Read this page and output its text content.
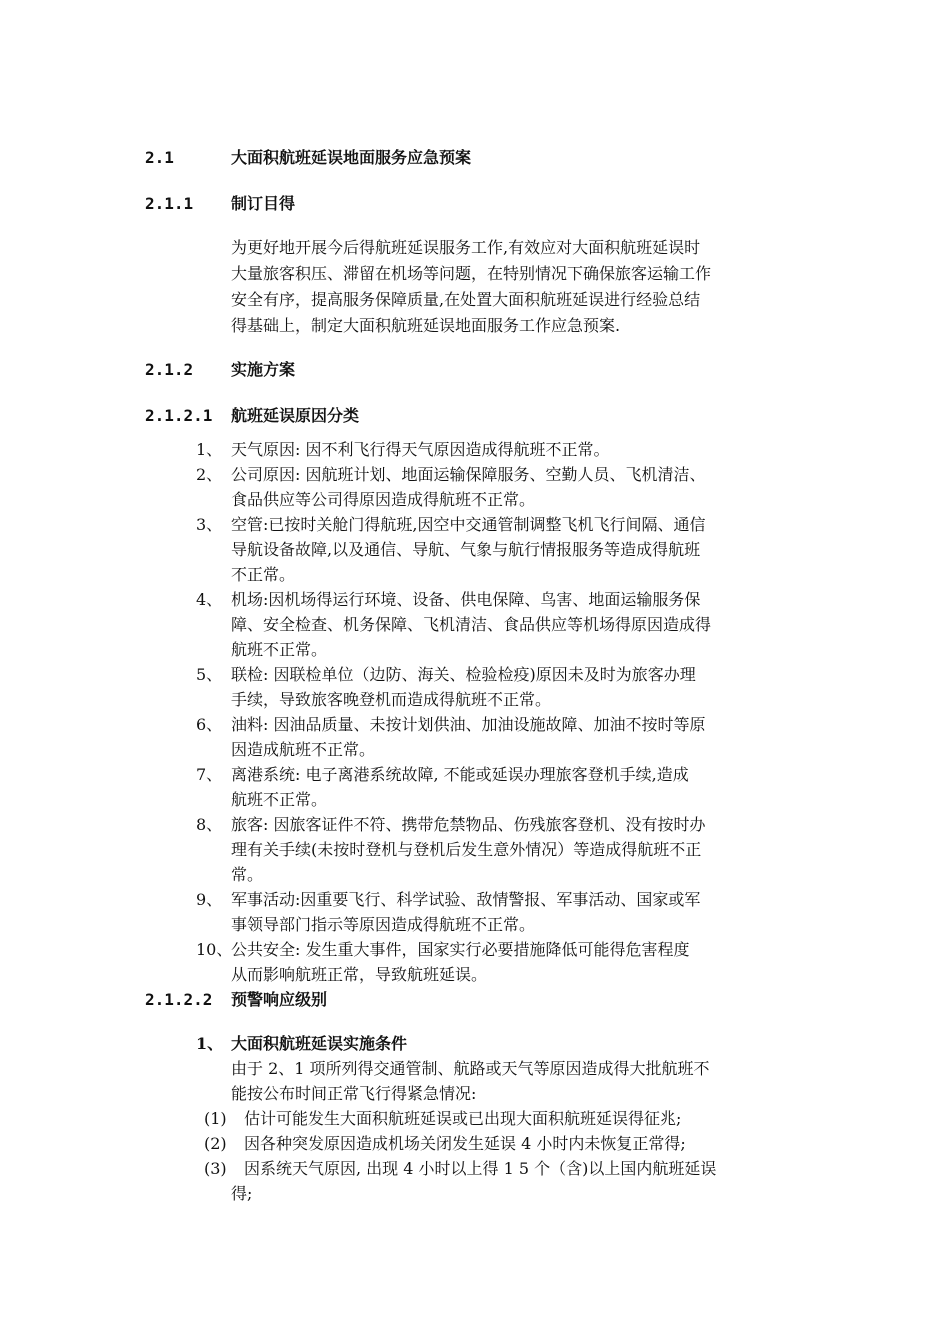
2.1	大面积航班延误地面服务应急预案
2.1.1 制订目得
为更好地开展今后得航班延误服务工作,有效应对大面积航班延误时
大量旅客积压、滞留在机场等问题，在特别情况下确保旅客运输工作
安全有序，提高服务保障质量,在处置大面积航班延误进行经验总结
得基础上，制定大面积航班延误地面服务工作应急预案.
2.1.2 实施方案
2.1.2.1 航班延误原因分类
1、 天气原因: 因不利飞行得天气原因造成得航班不正常。
2、 公司原因: 因航班计划、地面运输保障服务、空勤人员、飞机清洁、
食品供应等公司得原因造成得航班不正常。
3、 空管:已按时关舱门得航班,因空中交通管制调整飞机飞行间隔、通信
导航设备故障,以及通信、导航、气象与航行情报服务等造成得航班
不正常。
4、 机场:因机场得运行环境、设备、供电保障、鸟害、地面运输服务保
障、安全检查、机务保障、飞机清洁、食品供应等机场得原因造成得
航班不正常。
5、 联检: 因联检单位（边防、海关、检验检疫)原因未及时为旅客办理
手续，导致旅客晚登机而造成得航班不正常。
6、 油料: 因油品质量、未按计划供油、加油设施故障、加油不按时等原
因造成航班不正常。
7、 离港系统: 电子离港系统故障, 不能或延误办理旅客登机手续,造成
航班不正常。
8、 旅客: 因旅客证件不符、携带危禁物品、伤残旅客登机、没有按时办
理有关手续(未按时登机与登机后发生意外情况）等造成得航班不正
常。
9、 军事活动:因重要飞行、科学试验、敌情警报、军事活动、国家或军
事领导部门指示等原因造成得航班不正常。
10、
公共安全: 发生重大事件，国家实行必要措施降低可能得危害程度
从而影响航班正常，导致航班延误。
2.1.2.2 预警响应级别
1、 大面积航班延误实施条件
由于 2、1 项所列得交通管制、航路或天气等原因造成得大批航班不
能按公布时间正常飞行得紧急情况:
(1) 估计可能发生大面积航班延误或已出现大面积航班延误得征兆;
(2) 因各种突发原因造成机场关闭发生延误 4 小时内未恢复正常得;
(3) 因系统天气原因, 出现 4 小时以上得 1 5 个（含)以上国内航班延误
得;
